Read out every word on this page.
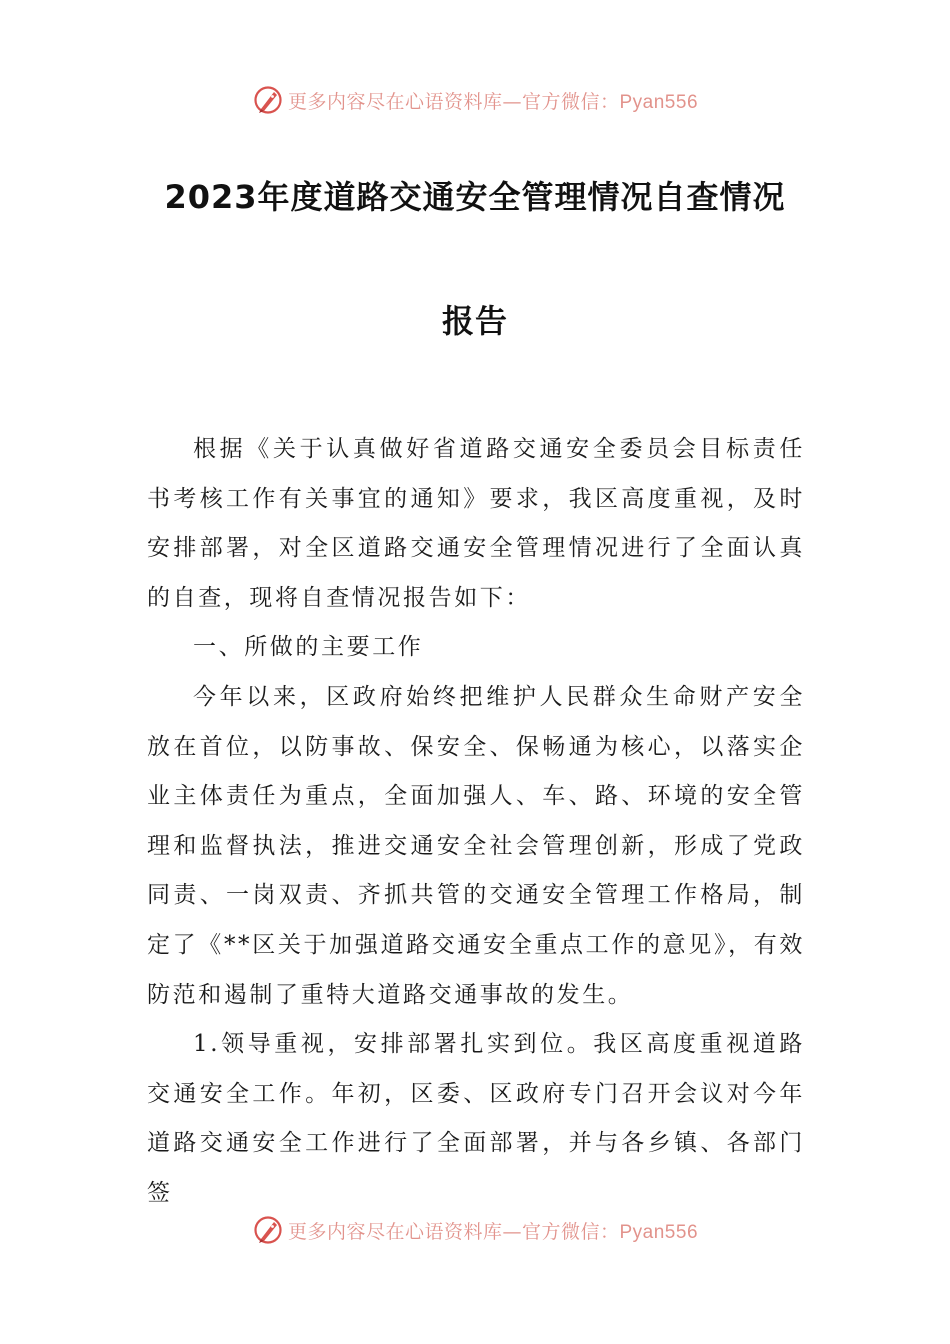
更多内容尽在心语资料库—官方微信：Pyan556
2023年度道路交通安全管理情况自查情况
报告

根据《关于认真做好省道路交通安全委员会目标责任书考核工作有关事宜的通知》要求，我区高度重视，及时安排部署，对全区道路交通安全管理情况进行了全面认真的自查，现将自查情况报告如下：

一、所做的主要工作

今年以来，区政府始终把维护人民群众生命财产安全放在首位，以防事故、保安全、保畅通为核心，以落实企业主体责任为重点，全面加强人、车、路、环境的安全管理和监督执法，推进交通安全社会管理创新，形成了党政同责、一岗双责、齐抓共管的交通安全管理工作格局，制定了《**区关于加强道路交通安全重点工作的意见》，有效防范和遏制了重特大道路交通事故的发生。

1.领导重视，安排部署扎实到位。我区高度重视道路交通安全工作。年初，区委、区政府专门召开会议对今年道路交通安全工作进行了全面部署，并与各乡镇、各部门签

更多内容尽在心语资料库—官方微信：Pyan556
